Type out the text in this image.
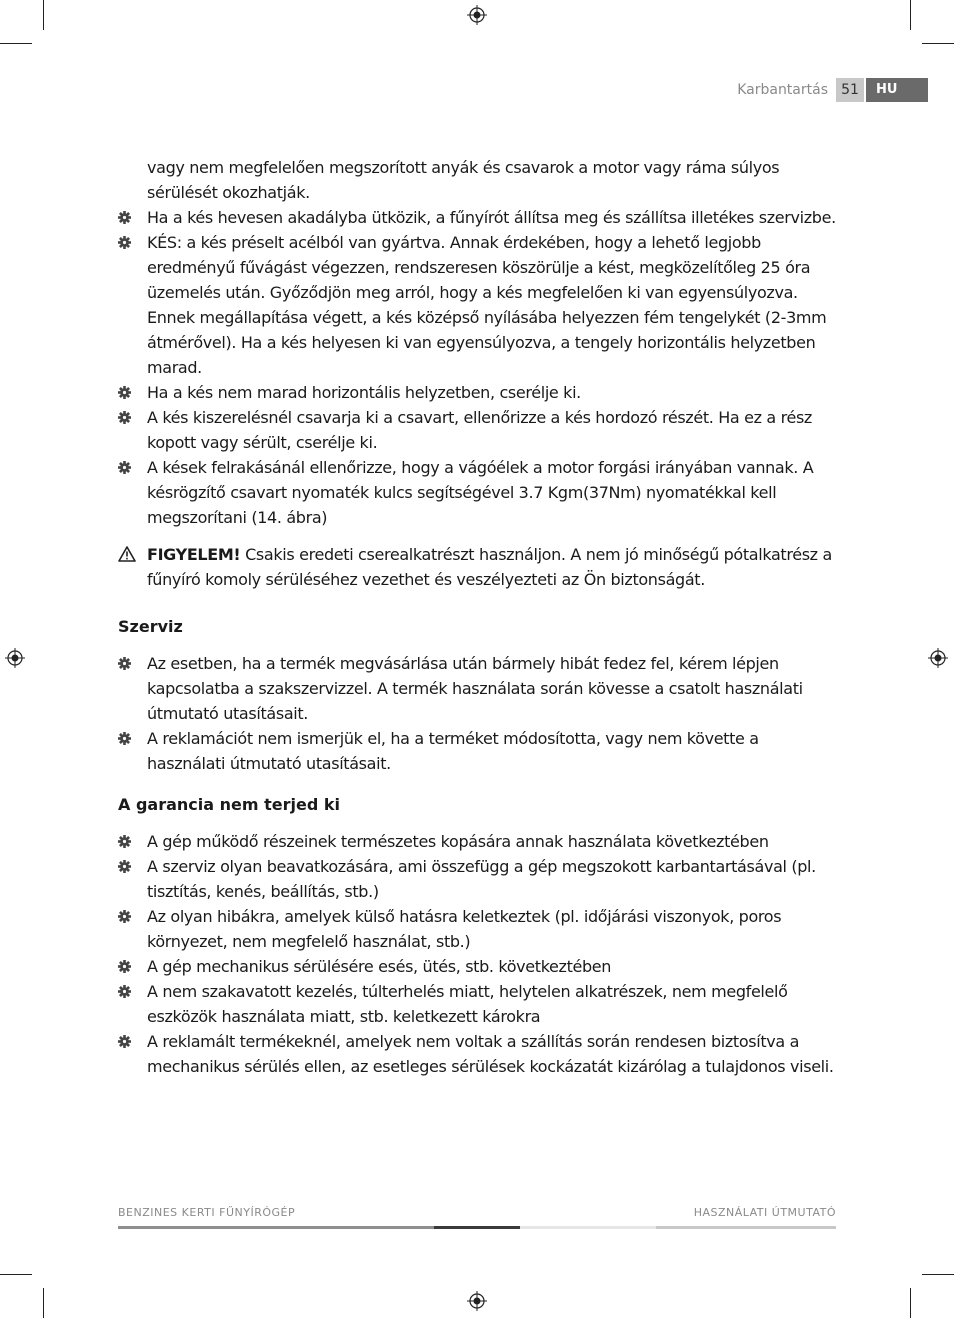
Karbantartás 51	HU

vagy nem megfelelően megszorított anyák és csavarok a motor vagy ráma súlyos sérülését okozhatják.

Ha a kés hevesen akadályba ütközik, a fűnyírót állítsa meg és szállítsa illetékes szervizbe.
KÉS: a kés préselt acélból van gyártva. Annak érdekében, hogy a lehető legjobb eredményű fűvágást végezzen, rendszeresen köszörülje a kést, megközelítőleg 25 óra üzemelés után. Győződjön meg arról, hogy a kés megfelelően ki van egyensúlyozva. Ennek megállapítása végett, a kés középső nyílásába helyezzen fém tengelykét (2-3mm átmérővel). Ha a kés helyesen ki van egyensúlyozva, a tengely horizontális helyzetben marad.
Ha a kés nem marad horizontális helyzetben, cserélje ki.
A kés kiszerelésnél csavarja ki a csavart, ellenőrizze a kés hordozó részét. Ha ez a rész kopott vagy sérült, cserélje ki.
A kések felrakásánál ellenőrizze, hogy a vágóélek a motor forgási irányában vannak. A késrögzítő csavart nyomaték kulcs segítségével 3.7 Kgm(37Nm) nyomatékkal kell megszorítani (14. ábra)
FIGYELEM! Csakis eredeti cserealkatrészt használjon. A nem jó minőségű pótalkatrész a fűnyíró komoly sérüléséhez vezethet és veszélyezteti az Ön biztonságát.
Szerviz
Az esetben, ha a termék megvásárlása után bármely hibát fedez fel, kérem lépjen kapcsolatba a szakszervizzel. A termék használata során kövesse a csatolt használati útmutató utasításait.
A reklamációt nem ismerjük el, ha a terméket módosította, vagy nem követte a használati útmutató utasításait.
A garancia nem terjed ki
A gép működő részeinek természetes kopására annak használata következtében
A szerviz olyan beavatkozására, ami összefügg a gép megszokott karbantartásával (pl. tisztítás, kenés, beállítás, stb.)
Az olyan hibákra, amelyek külső hatásra keletkeztek (pl. időjárási viszonyok, poros környezet, nem megfelelő használat, stb.)
A gép mechanikus sérülésére esés, ütés, stb. következtében
A nem szakavatott kezelés, túlterhelés miatt, helytelen alkatrészek, nem megfelelő eszközök használata miatt, stb. keletkezett károkra
A reklamált termékeknél, amelyek nem voltak a szállítás során rendesen biztosítva a mechanikus sérülés ellen, az esetleges sérülések kockázatát kizárólag a tulajdonos viseli.
BENZINES KERTI FŰNYÍRÓGÉP	HASZNÁLATI ÚTMUTATÓ
